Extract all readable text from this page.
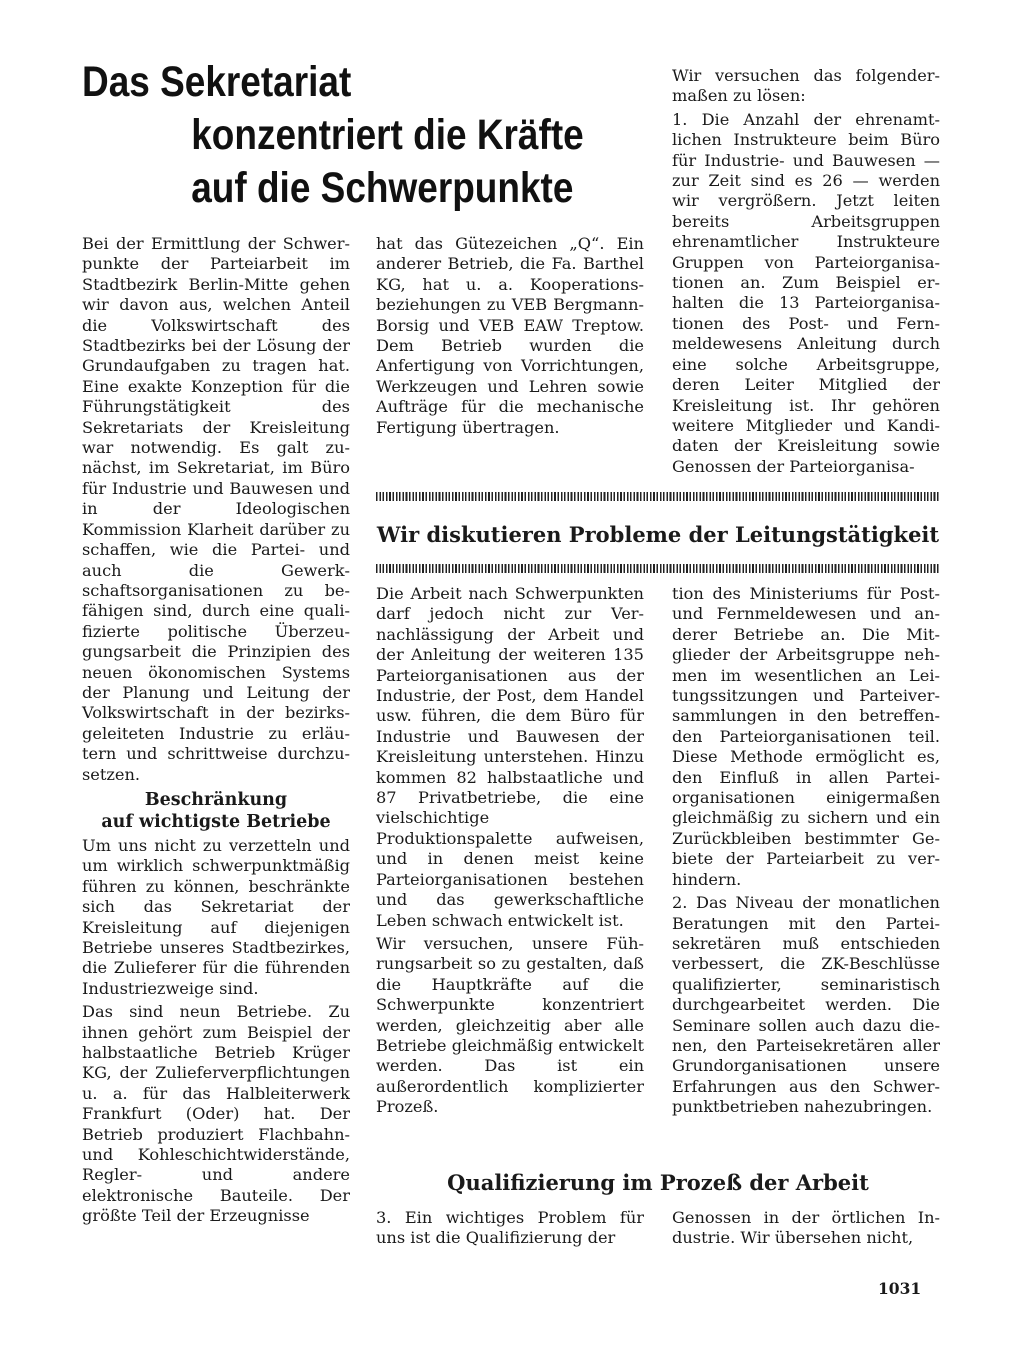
Das Sekretariat
konzentriert die Kräfte
auf die Schwerpunkte

Bei der Ermittlung der Schwerpunkte der Parteiarbeit im Stadtbezirk Berlin-Mitte gehen wir davon aus, welchen Anteil die Volkswirtschaft des Stadtbezirks bei der Lösung der Grundaufgaben zu tragen hat. Eine exakte Konzeption für die Führungstätigkeit des Sekretariats der Kreisleitung war notwendig. Es galt zunächst, im Sekretariat, im Büro für Industrie und Bauwesen und in der Ideologischen Kommission Klarheit darüber zu schaffen, wie die Partei- und auch die Gewerkschaftsorganisationen zu befähigen sind, durch eine qualifizierte politische Überzeugungsarbeit die Prinzipien des neuen ökonomischen Systems der Planung und Leitung der Volkswirtschaft in der bezirksgeleiteten Industrie zu erläutern und schrittweise durchzusetzen.

Beschränkung
auf wichtigste Betriebe

Um uns nicht zu verzetteln und um wirklich schwerpunktmäßig führen zu können, beschränkte sich das Sekretariat der Kreisleitung auf diejenigen Betriebe unseres Stadtbezirkes, die Zulieferer für die führenden Industriezweige sind.

Das sind neun Betriebe. Zu ihnen gehört zum Beispiel der halbstaatliche Betrieb Krüger KG, der Zulieferverpflichtungen u. a. für das Halbleiterwerk Frankfurt (Oder) hat. Der Betrieb produziert Flachbahn- und Kohleschichtwiderstände, Regler- und andere elektronische Bauteile. Der größte Teil der Erzeugnisse

hat das Gütezeichen „Q“. Ein anderer Betrieb, die Fa. Barthel KG, hat u. a. Kooperationsbeziehungen zu VEB Bergmann-Borsig und VEB EAW Treptow. Dem Betrieb wurden die Anfertigung von Vorrichtungen, Werkzeugen und Lehren sowie Aufträge für die mechanische Fertigung übertragen.

Wir versuchen das folgendermaßen zu lösen:

1. Die Anzahl der ehrenamtlichen Instrukteure beim Büro für Industrie- und Bauwesen — zur Zeit sind es 26 — werden wir vergrößern. Jetzt leiten bereits Arbeitsgruppen ehrenamtlicher Instrukteure Gruppen von Parteiorganisationen an. Zum Beispiel erhalten die 13 Parteiorganisationen des Post- und Fernmeldewesens Anleitung durch eine solche Arbeitsgruppe, deren Leiter Mitglied der Kreisleitung ist. Ihr gehören weitere Mitglieder und Kandidaten der Kreisleitung sowie Genossen der Parteiorganisa-

Wir diskutieren Probleme der Leitungstätigkeit

Die Arbeit nach Schwerpunkten darf jedoch nicht zur Vernachlässigung der Arbeit und der Anleitung der weiteren 135 Parteiorganisationen aus der Industrie, der Post, dem Handel usw. führen, die dem Büro für Industrie und Bauwesen der Kreisleitung unterstehen. Hinzu kommen 82 halbstaatliche und 87 Privatbetriebe, die eine vielschichtige Produktionspalette aufweisen, und in denen meist keine Parteiorganisationen bestehen und das gewerkschaftliche Leben schwach entwickelt ist.

Wir versuchen, unsere Führungsarbeit so zu gestalten, daß die Hauptkräfte auf die Schwerpunkte konzentriert werden, gleichzeitig aber alle Betriebe gleichmäßig entwickelt werden. Das ist ein außerordentlich komplizierter Prozeß.

tion des Ministeriums für Post- und Fernmeldewesen und anderer Betriebe an. Die Mitglieder der Arbeitsgruppe nehmen im wesentlichen an Leitungssitzungen und Parteiversammlungen in den betreffenden Parteiorganisationen teil. Diese Methode ermöglicht es, den Einfluß in allen Parteiorganisationen einigermaßen gleichmäßig zu sichern und ein Zurückbleiben bestimmter Gebiete der Parteiarbeit zu verhindern.

2. Das Niveau der monatlichen Beratungen mit den Parteisekretären muß entschieden verbessert, die ZK-Beschlüsse qualifizierter, seminaristisch durchgearbeitet werden. Die Seminare sollen auch dazu dienen, den Parteisekretären aller Grundorganisationen unsere Erfahrungen aus den Schwerpunktbetrieben nahezubringen.

Qualifizierung im Prozeß der Arbeit

3. Ein wichtiges Problem für uns ist die Qualifizierung der

Genossen in der örtlichen Industrie. Wir übersehen nicht,

1031
